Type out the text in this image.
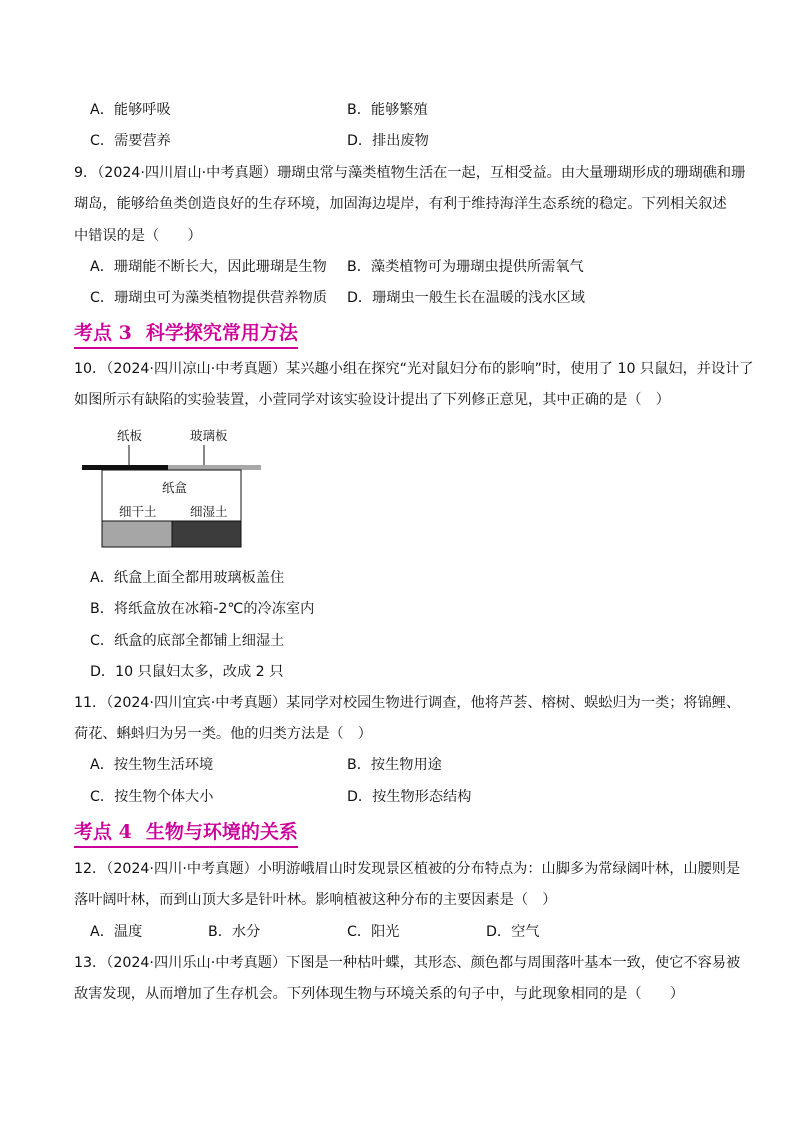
A．能够呼吸	B．能够繁殖
C．需要营养	D．排出废物
9．（2024·四川眉山·中考真题）珊瑚虫常与藻类植物生活在一起，互相受益。由大量珊瑚形成的珊瑚礁和珊
瑚岛，能够给鱼类创造良好的生存环境，加固海边堤岸，有利于维持海洋生态系统的稳定。下列相关叙述
中错误的是（　　）
A．珊瑚能不断长大，因此珊瑚是生物 B．藻类植物可为珊瑚虫提供所需氧气
C．珊瑚虫可为藻类植物提供营养物质 D．珊瑚虫一般生长在温暖的浅水区域
考点 3 科学探究常用方法
10．（2024·四川凉山·中考真题）某兴趣小组在探究“光对鼠妇分布的影响”时，使用了 10 只鼠妇，并设计了
如图所示有缺陷的实验装置，小萱同学对该实验设计提出了下列修正意见，其中正确的是（　）
纸板	玻璃板
纸盒
细干土	细湿土
A．纸盒上面全都用玻璃板盖住
B．将纸盒放在冰箱-2℃的冷冻室内
C．纸盒的底部全都铺上细湿土
D．10 只鼠妇太多，改成 2 只
11．（2024·四川宜宾·中考真题）某同学对校园生物进行调查，他将芦荟、榕树、蜈蚣归为一类；将锦鲤、
荷花、蝌蚪归为另一类。他的归类方法是（　）
A．按生物生活环境	B．按生物用途
C．按生物个体大小	D．按生物形态结构
考点 4 生物与环境的关系
12．（2024·四川·中考真题）小明游峨眉山时发现景区植被的分布特点为：山脚多为常绿阔叶林，山腰则是
落叶阔叶林，而到山顶大多是针叶林。影响植被这种分布的主要因素是（　）
A．温度	B．水分	C．阳光	D．空气
13．（2024·四川乐山·中考真题）下图是一种枯叶蝶，其形态、颜色都与周围落叶基本一致，使它不容易被
敌害发现，从而增加了生存机会。下列体现生物与环境关系的句子中，与此现象相同的是（　　）
